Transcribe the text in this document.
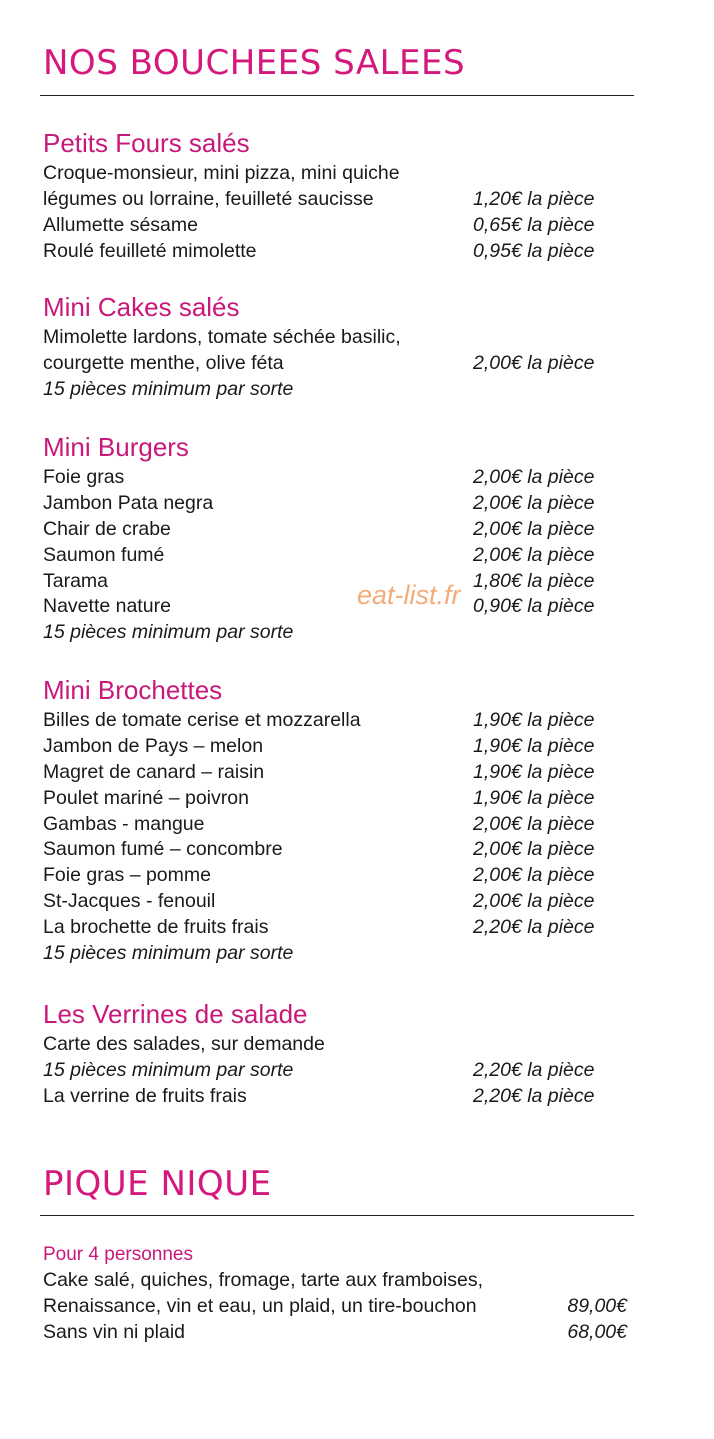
NOS BOUCHEES SALEES
Petits Fours salés
Croque-monsieur, mini pizza, mini quiche
légumes ou lorraine, feuilleté saucisse	1,20€ la pièce
Allumette sésame	0,65€ la pièce
Roulé feuilleté mimolette	0,95€ la pièce
Mini Cakes salés
Mimolette lardons, tomate séchée basilic,
courgette menthe, olive féta	2,00€ la pièce
15 pièces minimum par sorte
Mini Burgers
Foie gras	2,00€ la pièce
Jambon Pata negra	2,00€ la pièce
Chair de crabe	2,00€ la pièce
Saumon fumé	2,00€ la pièce
Tarama	1,80€ la pièce
Navette nature	0,90€ la pièce
15 pièces minimum par sorte
Mini Brochettes
Billes de tomate cerise et mozzarella	1,90€ la pièce
Jambon de Pays – melon	1,90€ la pièce
Magret de canard – raisin	1,90€ la pièce
Poulet mariné – poivron	1,90€ la pièce
Gambas - mangue	2,00€ la pièce
Saumon fumé – concombre	2,00€ la pièce
Foie gras – pomme	2,00€ la pièce
St-Jacques - fenouil	2,00€ la pièce
La brochette de fruits frais	2,20€ la pièce
15 pièces minimum par sorte
Les Verrines de salade
Carte des salades, sur demande
15 pièces minimum par sorte	2,20€ la pièce
La verrine de fruits frais	2,20€ la pièce
PIQUE NIQUE
Pour 4 personnes
Cake salé, quiches, fromage, tarte aux framboises,
Renaissance, vin et eau, un plaid, un tire-bouchon	89,00€
Sans vin ni plaid	68,00€
eat-list.fr
